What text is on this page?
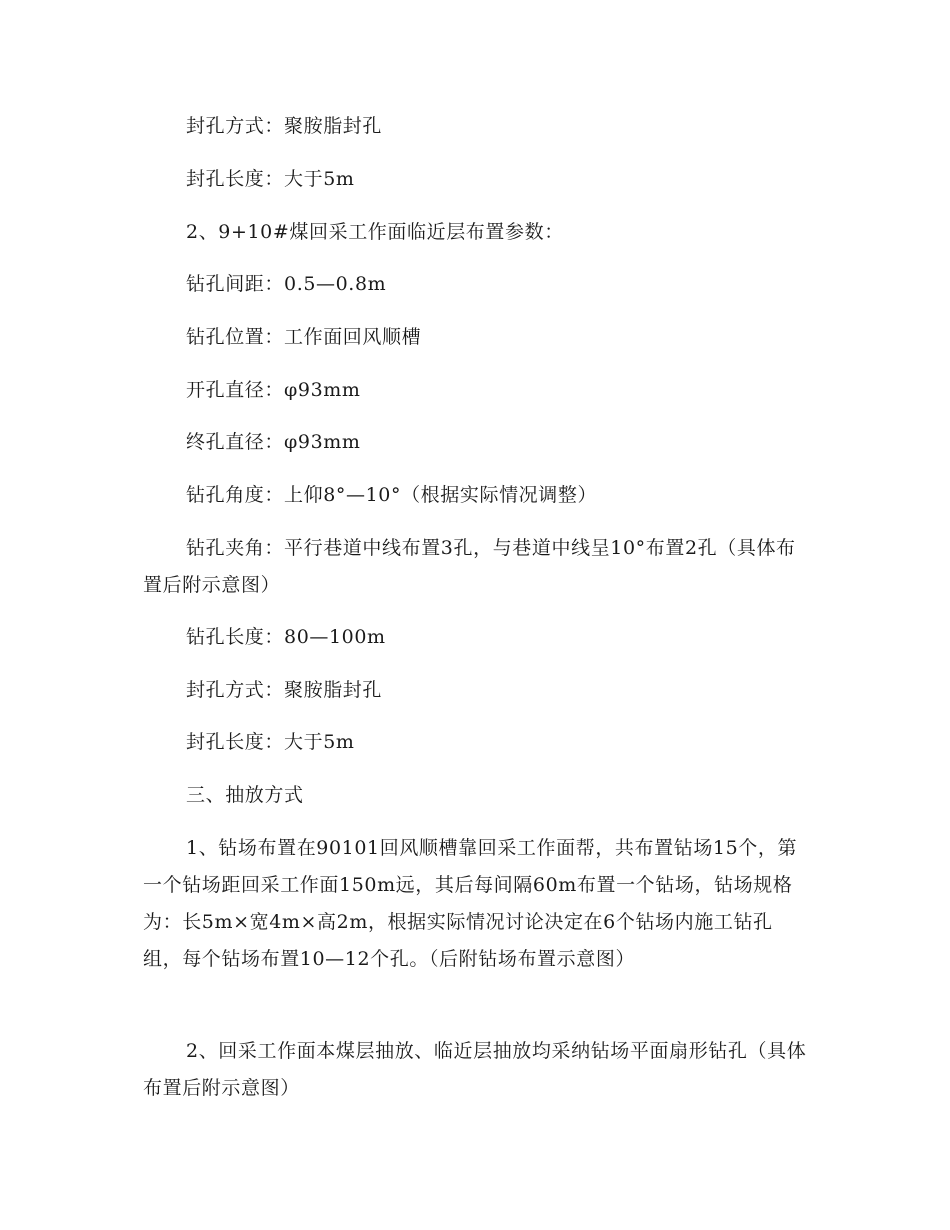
封孔方式：聚胺脂封孔

封孔长度：大于5m

2、9+10#煤回采工作面临近层布置参数：

钻孔间距：0.5—0.8m

钻孔位置：工作面回风顺槽

开孔直径：φ93mm

终孔直径：φ93mm

钻孔角度：上仰8°—10°（根据实际情况调整）

钻孔夹角：平行巷道中线布置3孔，与巷道中线呈10°布置2孔（具体布置后附示意图）

钻孔长度：80—100m

封孔方式：聚胺脂封孔

封孔长度：大于5m

三、抽放方式

1、钻场布置在90101回风顺槽靠回采工作面帮，共布置钻场15个，第一个钻场距回采工作面150m远，其后每间隔60m布置一个钻场，钻场规格为：长5m×宽4m×高2m，根据实际情况讨论决定在6个钻场内施工钻孔组，每个钻场布置10—12个孔。（后附钻场布置示意图）

2、回采工作面本煤层抽放、临近层抽放均采纳钻场平面扇形钻孔（具体布置后附示意图）
